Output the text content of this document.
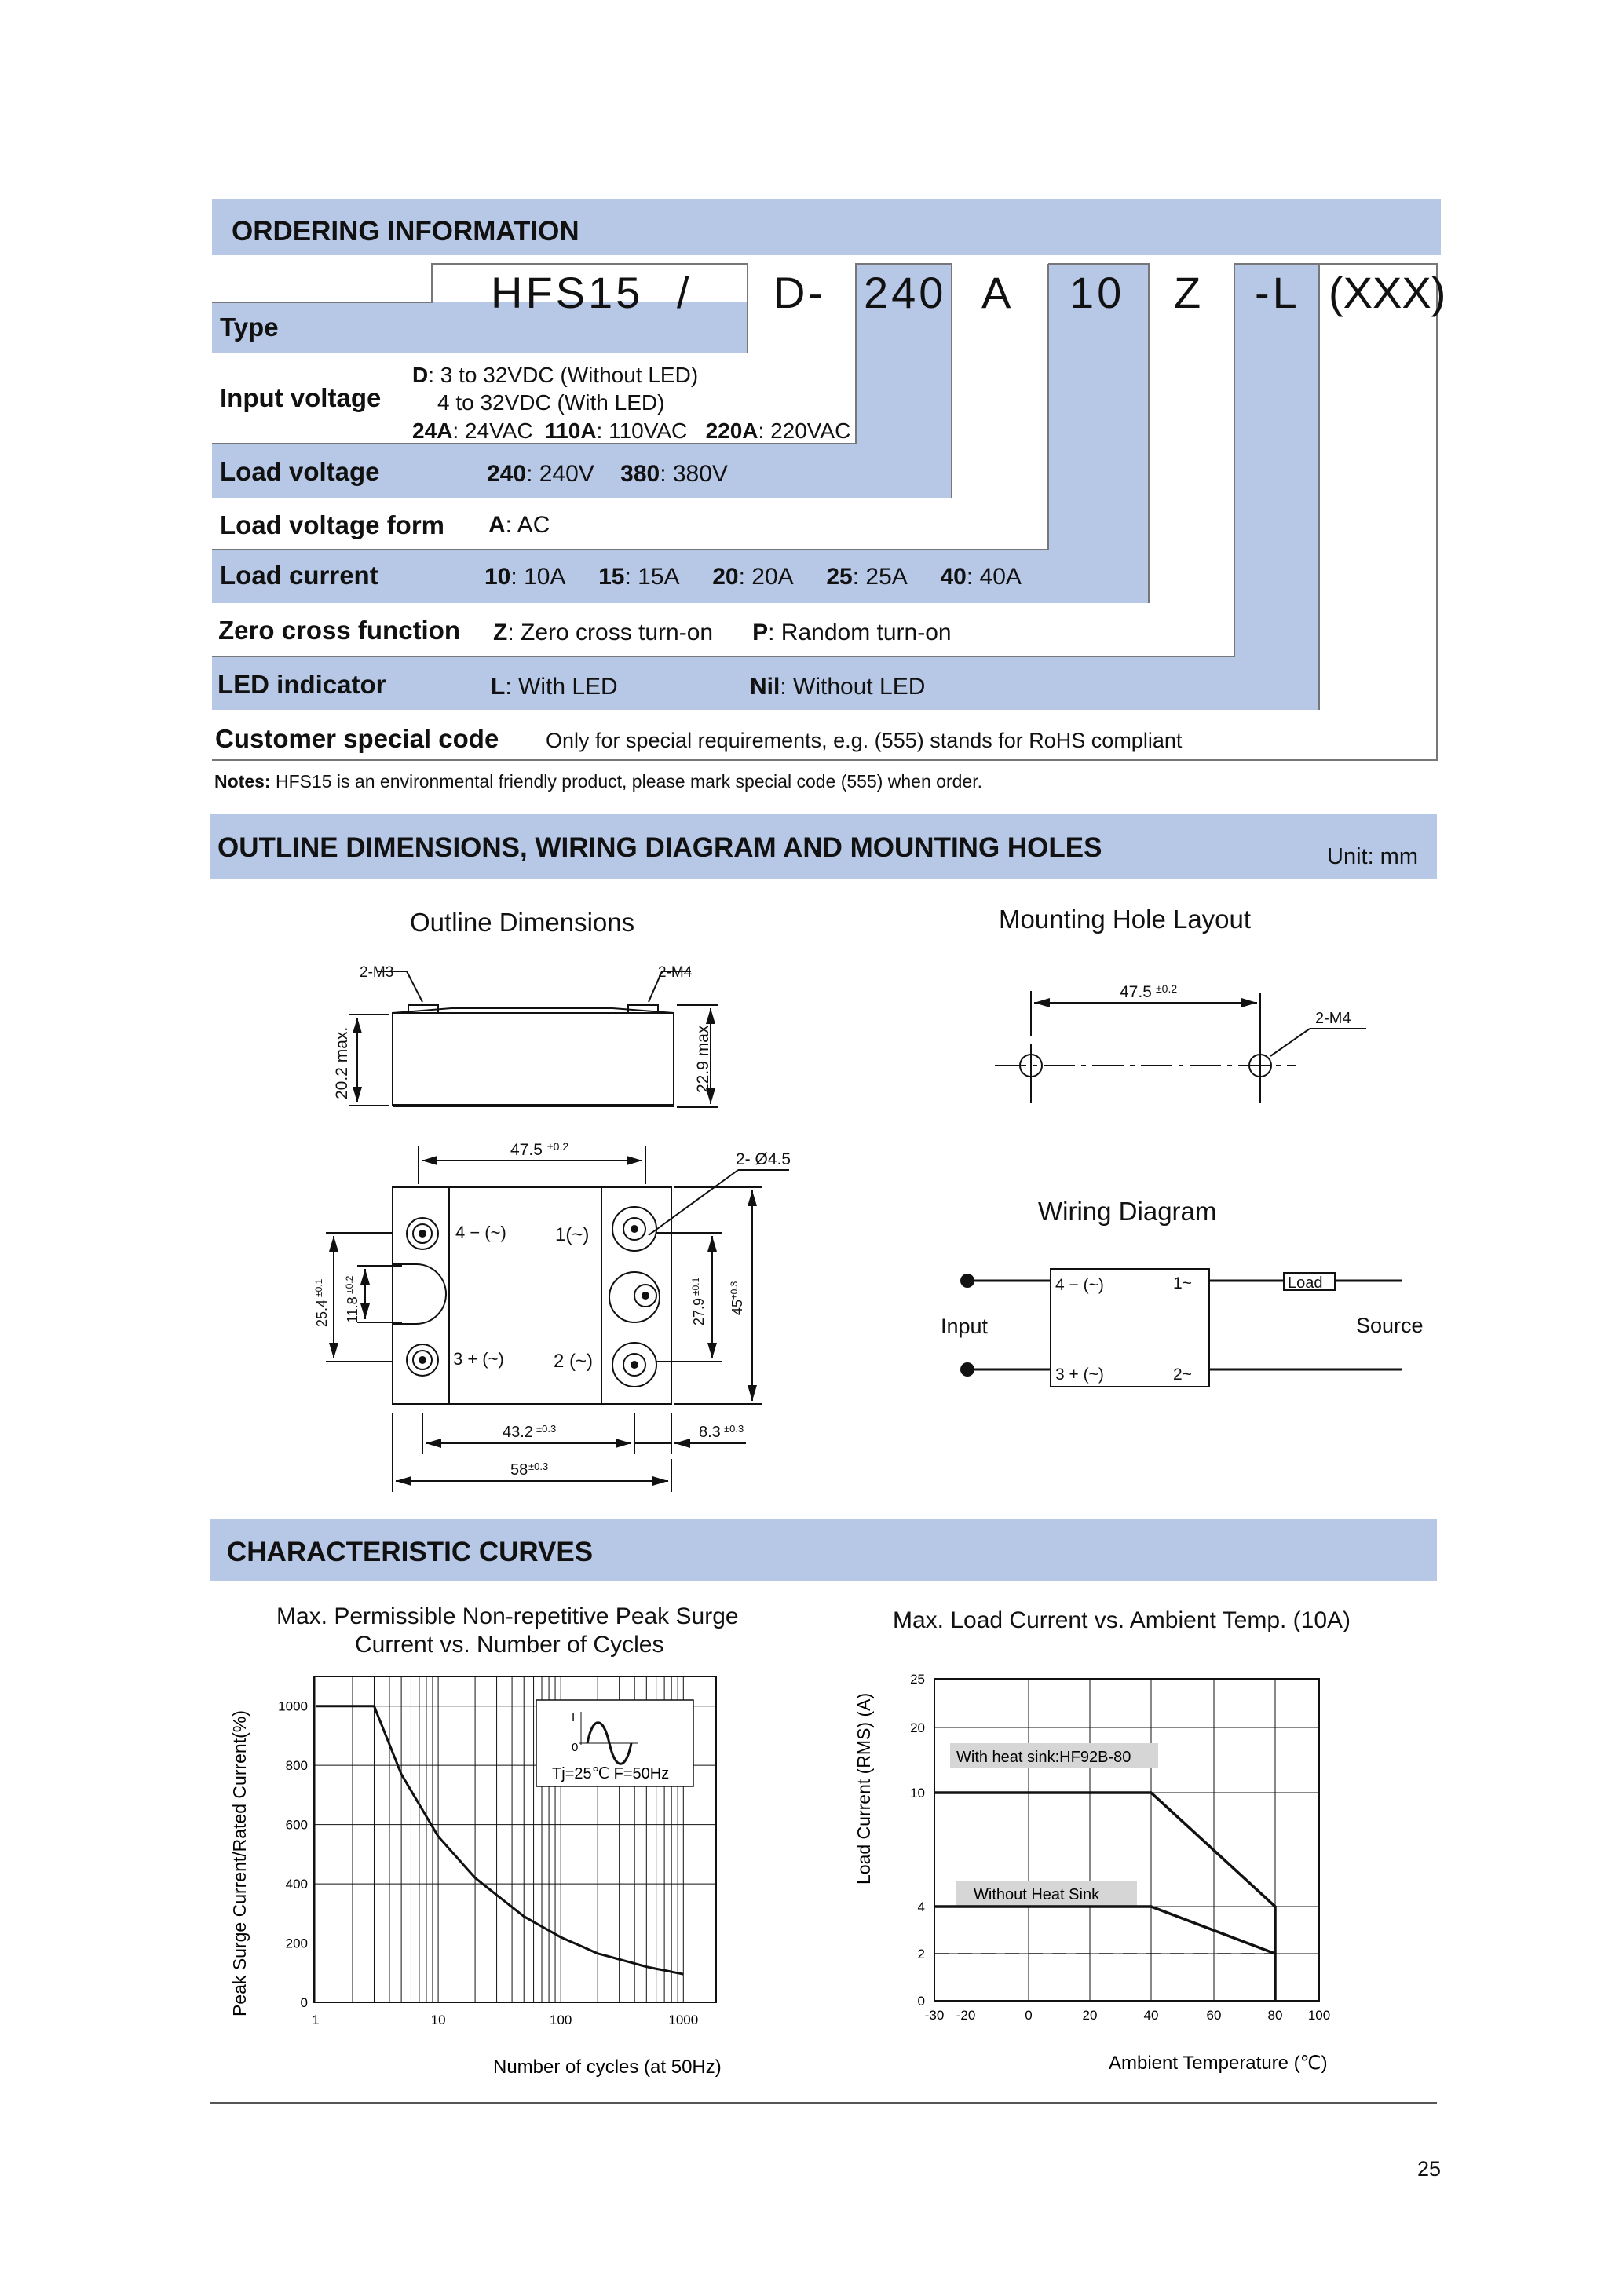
ORDERING INFORMATION
HFS15 / D- 240 A 10 Z -L (XXX)
Type
Input voltage
D: 3 to 32VDC (Without LED)
4 to 32VDC (With LED)
24A: 24VAC 110A: 110VAC 220A: 220VAC
Load voltage	240: 240V 380: 380V
Load voltage form A: AC
Load current	10: 10A 15: 15A 20: 20A 25: 25A 40: 40A
Zero cross function Z: Zero cross turn-on P: Random turn-on
LED indicator	L: With LED	Nil: Without LED
Customer special code Only for special requirements, e.g. (555) stands for RoHS compliant
Notes: HFS15 is an environmental friendly product, please mark special code (555) when order.
OUTLINE DIMENSIONS, WIRING DIAGRAM AND MOUNTING HOLES	Unit: mm
Outline Dimensions	Mounting Hole Layout
Wiring Diagram
2-M3	2-M4
20.2 max.	22.9 max.
47.5 ±0.2
2- Ø4.5
4 − (~)	1(~)
3 + (~)	2 (~)
25.4
±0.1
11.8
±0.2
27.9
±0.1
45
±0.3
43.2 ±0.3	8.3 ±0.3
58 ±0.3
47.5 ±0.2
2-M4
Input	Source
Load
4 − (~)	1~
3 + (~)	2~
CHARACTERISTIC CURVES
Max. Permissible Non-repetitive Peak Surge
Current vs. Number of Cycles
Max. Load Current vs. Ambient Temp. (10A)
I
0
Tj=25℃ F=50Hz
0
200
400
600
800
1000
1	10	100	1000
Peak Surge Current/Rated Current(%)
Number of cycles (at 50Hz)
With heat sink:HF92B-80
Without Heat Sink
0
2
4
10
20
25
-30 -20	0	20	40	60	80 100
Load Current (RMS) (A)
Ambient Temperature (℃)
25
